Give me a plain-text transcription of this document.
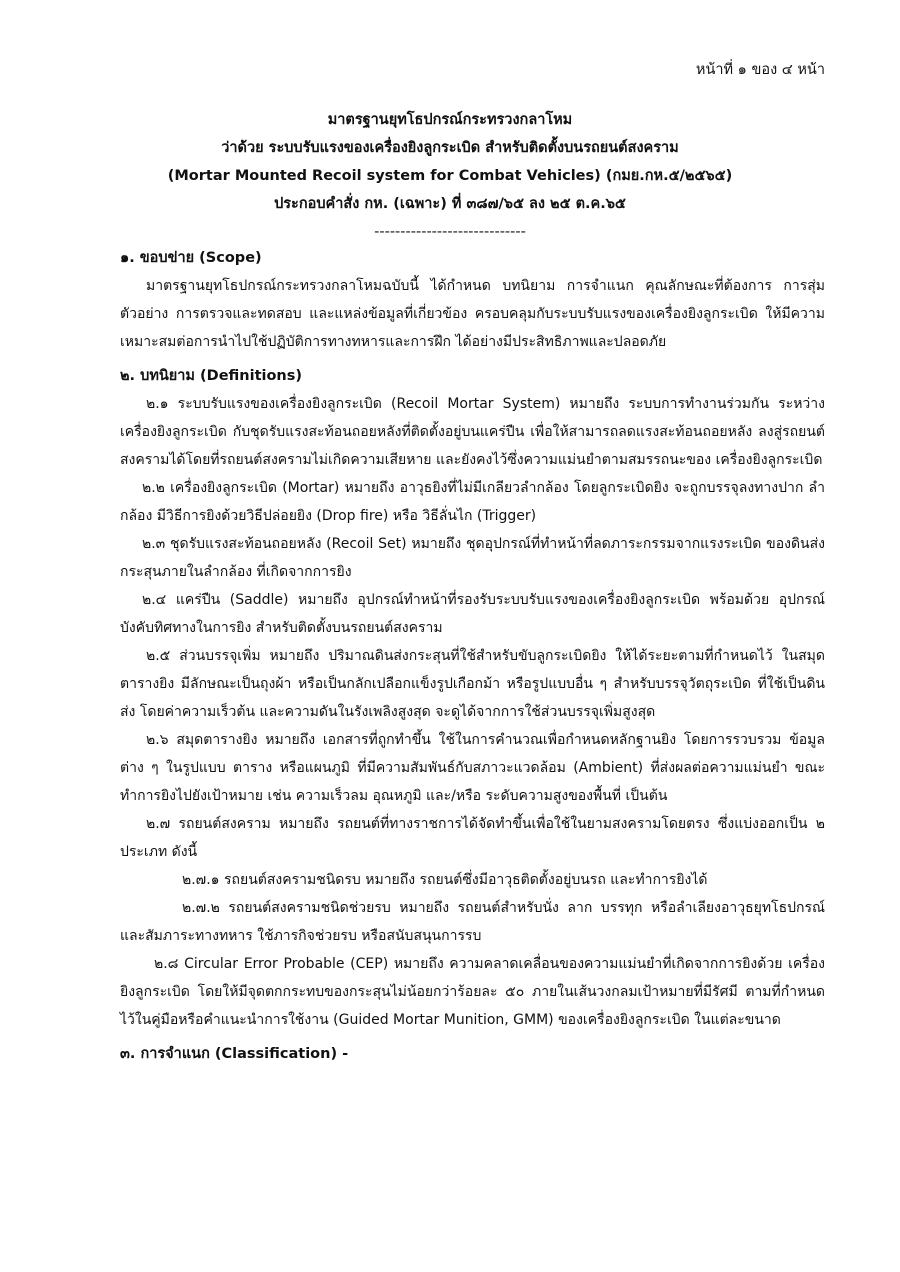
หน้าที่ ๑ ของ ๔ หน้า
มาตรฐานยุทโธปกรณ์กระทรวงกลาโหม
ว่าด้วย ระบบรับแรงของเครื่องยิงลูกระเบิด สำหรับติดตั้งบนรถยนต์สงคราม
(Mortar Mounted Recoil system for Combat Vehicles) (กมย.กห.๕/๒๕๖๕)
ประกอบคำสั่ง กห. (เฉพาะ) ที่ ๓๘๗/๖๕ ลง ๒๕ ต.ค.๖๕
-----------------------------

๑. ขอบข่าย (Scope)

มาตรฐานยุทโธปกรณ์กระทรวงกลาโหมฉบับนี้ ได้กำหนด บทนิยาม การจำแนก คุณลักษณะที่ต้องการ การสุ่มตัวอย่าง การตรวจและทดสอบ และแหล่งข้อมูลที่เกี่ยวข้อง ครอบคลุมกับระบบรับแรงของเครื่องยิงลูกระเบิด ให้มีความเหมาะสมต่อการนำไปใช้ปฏิบัติการทางทหารและการฝึก ได้อย่างมีประสิทธิภาพและปลอดภัย

๒. บทนิยาม (Definitions)

๒.๑ ระบบรับแรงของเครื่องยิงลูกระเบิด (Recoil Mortar System) หมายถึง ระบบการทำงานร่วมกัน ระหว่างเครื่องยิงลูกระเบิด กับชุดรับแรงสะท้อนถอยหลังที่ติดตั้งอยู่บนแคร่ปืน เพื่อให้สามารถลดแรงสะท้อนถอยหลัง ลงสู่รถยนต์สงครามได้โดยที่รถยนต์สงครามไม่เกิดความเสียหาย และยังคงไว้ซึ่งความแม่นยำตามสมรรถนะของ เครื่องยิงลูกระเบิด

๒.๒ เครื่องยิงลูกระเบิด (Mortar) หมายถึง อาวุธยิงที่ไม่มีเกลียวลำกล้อง โดยลูกระเบิดยิง จะถูกบรรจุลงทางปาก ลำกล้อง มีวิธีการยิงด้วยวิธีปล่อยยิง (Drop fire) หรือ วิธีลั่นไก (Trigger)

๒.๓ ชุดรับแรงสะท้อนถอยหลัง (Recoil Set) หมายถึง ชุดอุปกรณ์ที่ทำหน้าที่ลดภาระกรรมจากแรงระเบิด ของดินส่งกระสุนภายในลำกล้อง ที่เกิดจากการยิง

๒.๔ แคร่ปืน (Saddle) หมายถึง อุปกรณ์ทำหน้าที่รองรับระบบรับแรงของเครื่องยิงลูกระเบิด พร้อมด้วย อุปกรณ์บังคับทิศทางในการยิง สำหรับติดตั้งบนรถยนต์สงคราม

๒.๕ ส่วนบรรจุเพิ่ม หมายถึง ปริมาณดินส่งกระสุนที่ใช้สำหรับขับลูกระเบิดยิง ให้ได้ระยะตามที่กำหนดไว้ ในสมุดตารางยิง มีลักษณะเป็นถุงผ้า หรือเป็นกลักเปลือกแข็งรูปเกือกม้า หรือรูปแบบอื่น ๆ สำหรับบรรจุวัตถุระเบิด ที่ใช้เป็นดินส่ง โดยค่าความเร็วต้น และความดันในรังเพลิงสูงสุด จะดูได้จากการใช้ส่วนบรรจุเพิ่มสูงสุด

๒.๖ สมุดตารางยิง หมายถึง เอกสารที่ถูกทำขึ้น ใช้ในการคำนวณเพื่อกำหนดหลักฐานยิง โดยการรวบรวม ข้อมูลต่าง ๆ ในรูปแบบ ตาราง หรือแผนภูมิ ที่มีความสัมพันธ์กับสภาวะแวดล้อม (Ambient) ที่ส่งผลต่อความแม่นยำ ขณะทำการยิงไปยังเป้าหมาย เช่น ความเร็วลม อุณหภูมิ และ/หรือ ระดับความสูงของพื้นที่ เป็นต้น

๒.๗ รถยนต์สงคราม หมายถึง รถยนต์ที่ทางราชการได้จัดทำขึ้นเพื่อใช้ในยามสงครามโดยตรง ซึ่งแบ่งออกเป็น ๒ ประเภท ดังนี้

๒.๗.๑ รถยนต์สงครามชนิดรบ หมายถึง รถยนต์ซึ่งมีอาวุธติดตั้งอยู่บนรถ และทำการยิงได้

๒.๗.๒ รถยนต์สงครามชนิดช่วยรบ หมายถึง รถยนต์สำหรับนั่ง ลาก บรรทุก หรือลำเลียงอาวุธยุทโธปกรณ์ และสัมภาระทางทหาร ใช้ภารกิจช่วยรบ หรือสนับสนุนการรบ

๒.๘ Circular Error Probable (CEP) หมายถึง ความคลาดเคลื่อนของความแม่นยำที่เกิดจากการยิงด้วย เครื่องยิงลูกระเบิด โดยให้มีจุดตกกระทบของกระสุนไม่น้อยกว่าร้อยละ ๕๐ ภายในเส้นวงกลมเป้าหมายที่มีรัศมี ตามที่กำหนดไว้ในคู่มือหรือคำแนะนำการใช้งาน (Guided Mortar Munition, GMM) ของเครื่องยิงลูกระเบิด ในแต่ละขนาด

๓. การจำแนก (Classification) -
